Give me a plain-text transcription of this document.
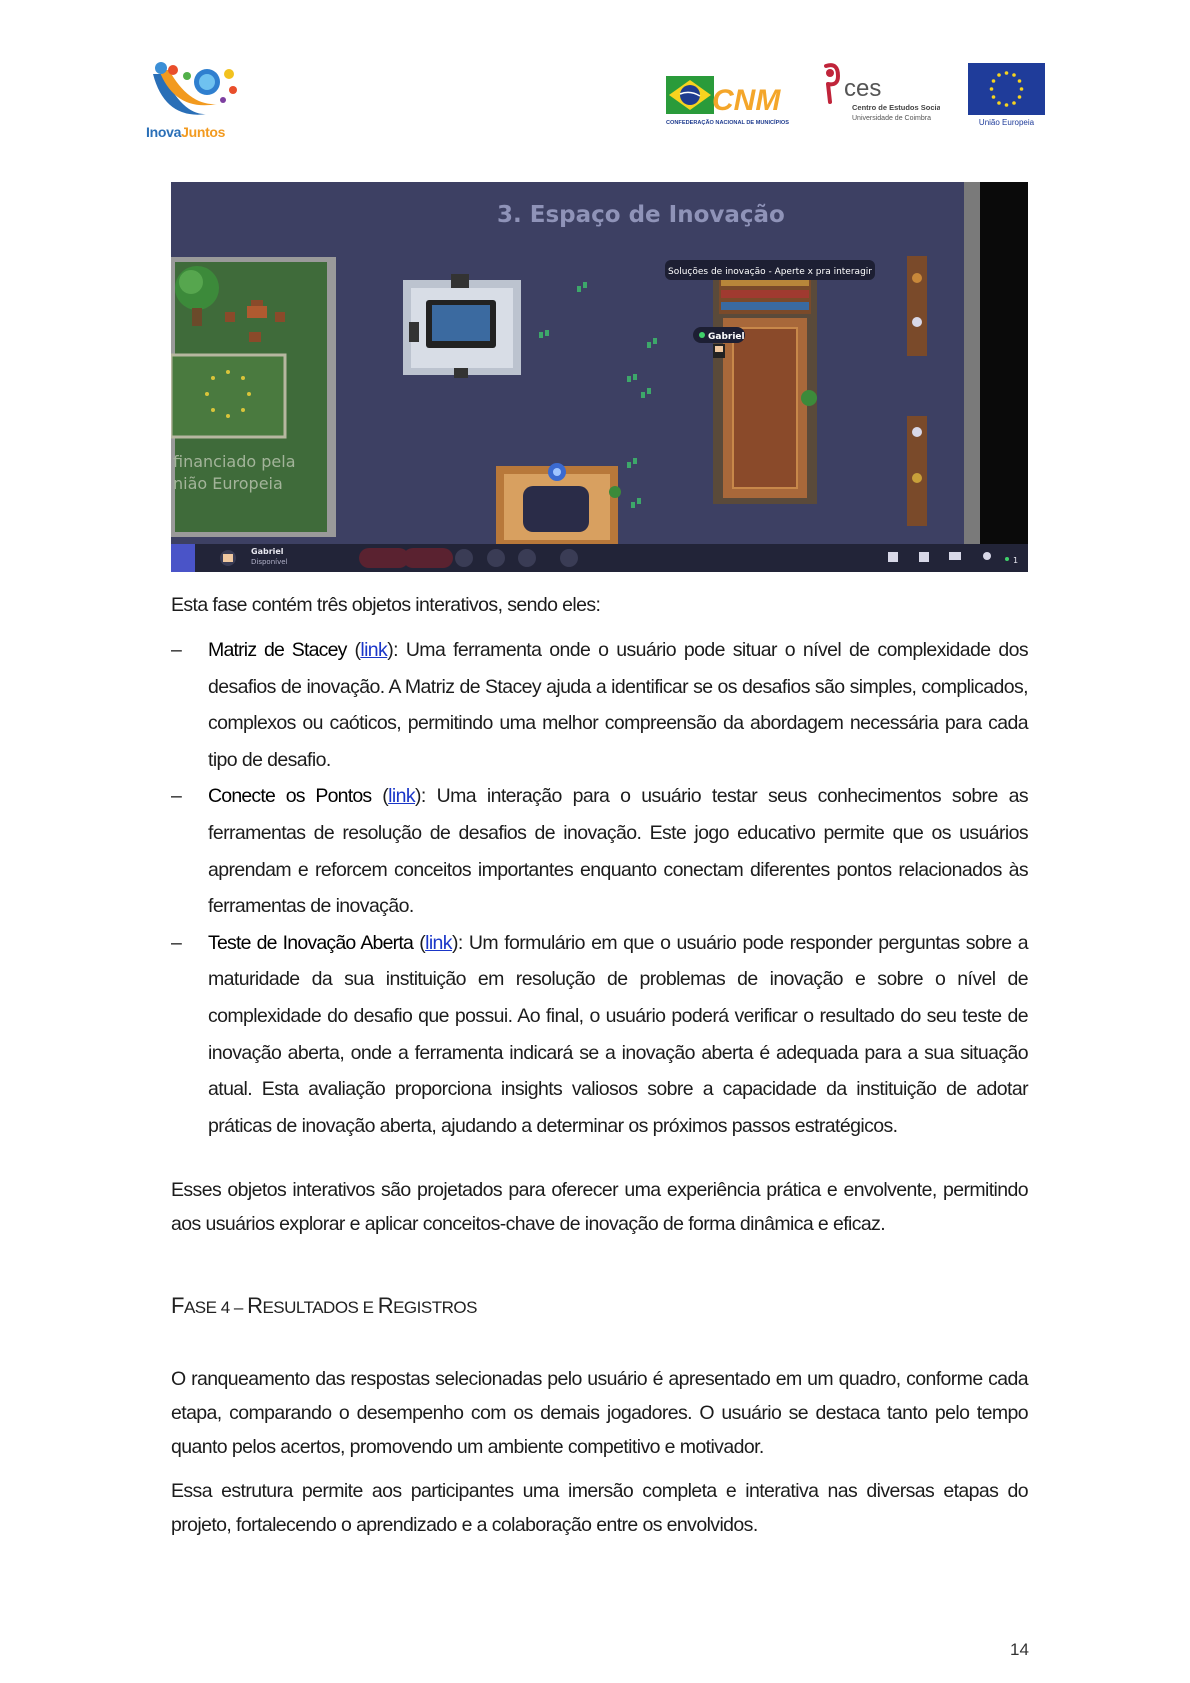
InovaJuntos
CNM
CONFEDERAÇÃO NACIONAL DE MUNICÍPIOS
ces
Centro de Estudos Sociais
Universidade de Coimbra	União Europeia
3. Espaço de Inovação
financiado pela
nião Europeia
Soluções de inovação - Aperte x pra interagir
Gabriel
Gabriel
Disponível	1
Esta fase contém três objetos interativos, sendo eles:
– Matriz de Stacey (link): Uma ferramenta onde o usuário pode situar o nível de complexidade dos desafios de inovação. A Matriz de Stacey ajuda a identificar se os desafios são simples, complicados, complexos ou caóticos, permitindo uma melhor compreensão da abordagem necessária para cada tipo de desafio.
– Conecte os Pontos (link): Uma interação para o usuário testar seus conhecimentos sobre as ferramentas de resolução de desafios de inovação. Este jogo educativo permite que os usuários aprendam e reforcem conceitos importantes enquanto conectam diferentes pontos relacionados às ferramentas de inovação.
– Teste de Inovação Aberta (link): Um formulário em que o usuário pode responder perguntas sobre a maturidade da sua instituição em resolução de problemas de inovação e sobre o nível de complexidade do desafio que possui. Ao final, o usuário poderá verificar o resultado do seu teste de inovação aberta, onde a ferramenta indicará se a inovação aberta é adequada para a sua situação atual. Esta avaliação proporciona insights valiosos sobre a capacidade da instituição de adotar práticas de inovação aberta, ajudando a determinar os próximos passos estratégicos.
Esses objetos interativos são projetados para oferecer uma experiência prática e envolvente, permitindo aos usuários explorar e aplicar conceitos-chave de inovação de forma dinâmica e eficaz.
FASE 4 – RESULTADOS E REGISTROS
O ranqueamento das respostas selecionadas pelo usuário é apresentado em um quadro, conforme cada etapa, comparando o desempenho com os demais jogadores. O usuário se destaca tanto pelo tempo quanto pelos acertos, promovendo um ambiente competitivo e motivador.
Essa estrutura permite aos participantes uma imersão completa e interativa nas diversas etapas do projeto, fortalecendo o aprendizado e a colaboração entre os envolvidos.
14
